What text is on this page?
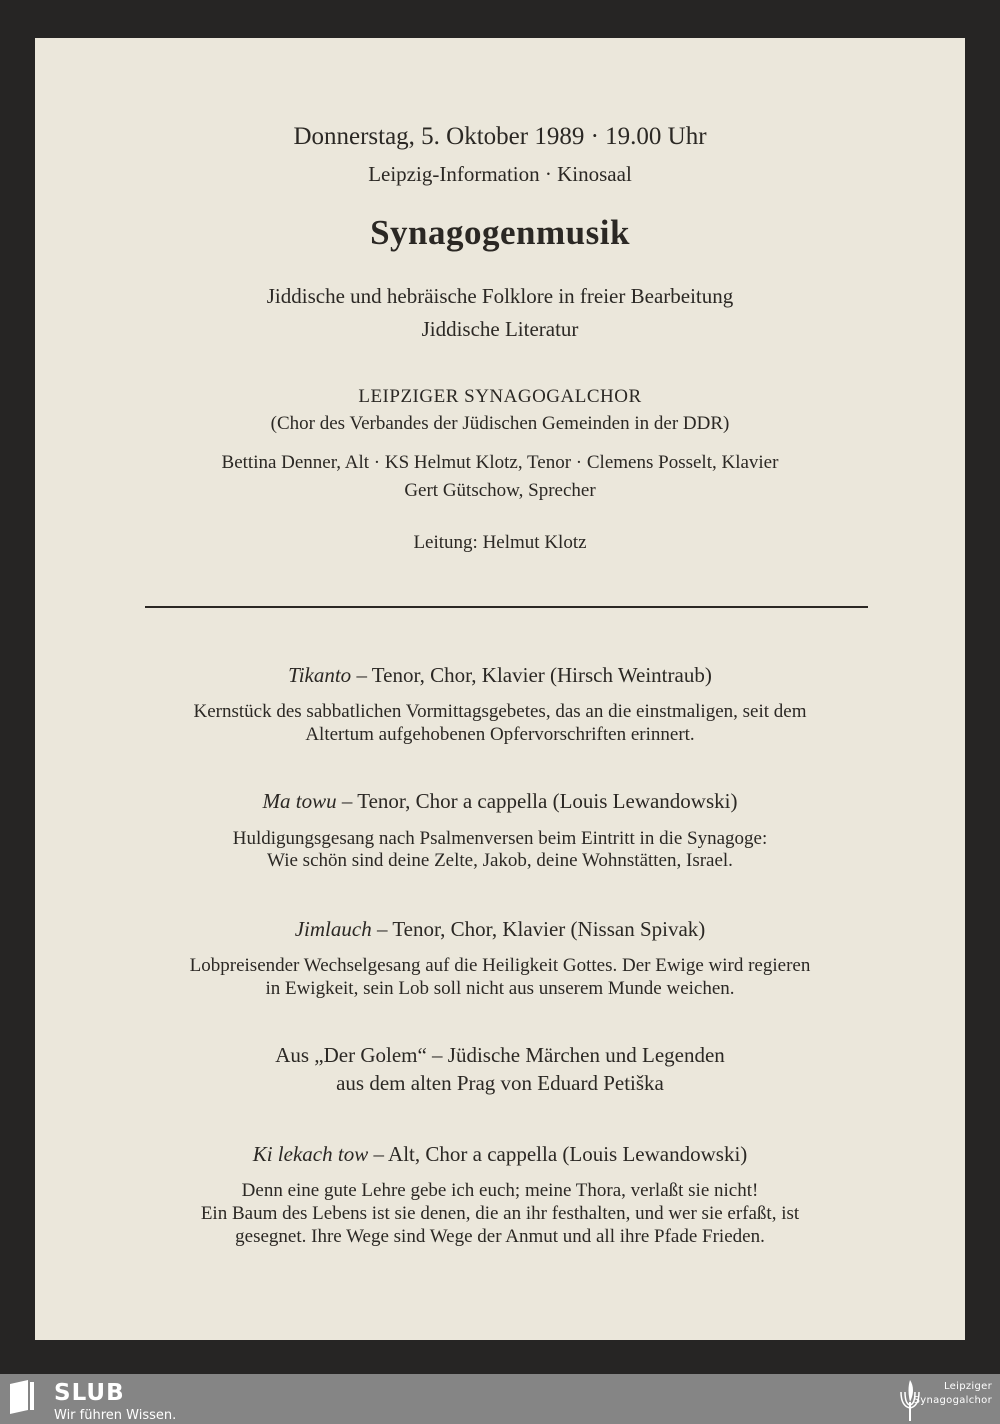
Donnerstag, 5. Oktober 1989 · 19.00 Uhr
Leipzig-Information · Kinosaal
Synagogenmusik
Jiddische und hebräische Folklore in freier Bearbeitung
Jiddische Literatur
LEIPZIGER SYNAGOGALCHOR
(Chor des Verbandes der Jüdischen Gemeinden in der DDR)
Bettina Denner, Alt · KS Helmut Klotz, Tenor · Clemens Posselt, Klavier
Gert Gütschow, Sprecher
Leitung: Helmut Klotz
Tikanto – Tenor, Chor, Klavier (Hirsch Weintraub)
Kernstück des sabbatlichen Vormittagsgebetes, das an die einstmaligen, seit dem
Altertum aufgehobenen Opfervorschriften erinnert.
Ma towu – Tenor, Chor a cappella (Louis Lewandowski)
Huldigungsgesang nach Psalmenversen beim Eintritt in die Synagoge:
Wie schön sind deine Zelte, Jakob, deine Wohnstätten, Israel.
Jimlauch – Tenor, Chor, Klavier (Nissan Spivak)
Lobpreisender Wechselgesang auf die Heiligkeit Gottes. Der Ewige wird regieren
in Ewigkeit, sein Lob soll nicht aus unserem Munde weichen.
Aus „Der Golem“ – Jüdische Märchen und Legenden
aus dem alten Prag von Eduard Petiška
Ki lekach tow – Alt, Chor a cappella (Louis Lewandowski)
Denn eine gute Lehre gebe ich euch; meine Thora, verlaßt sie nicht!
Ein Baum des Lebens ist sie denen, die an ihr festhalten, und wer sie erfaßt, ist
gesegnet. Ihre Wege sind Wege der Anmut und all ihre Pfade Frieden.
SLUB
Wir führen Wissen.
Leipziger
Synagogalchor
